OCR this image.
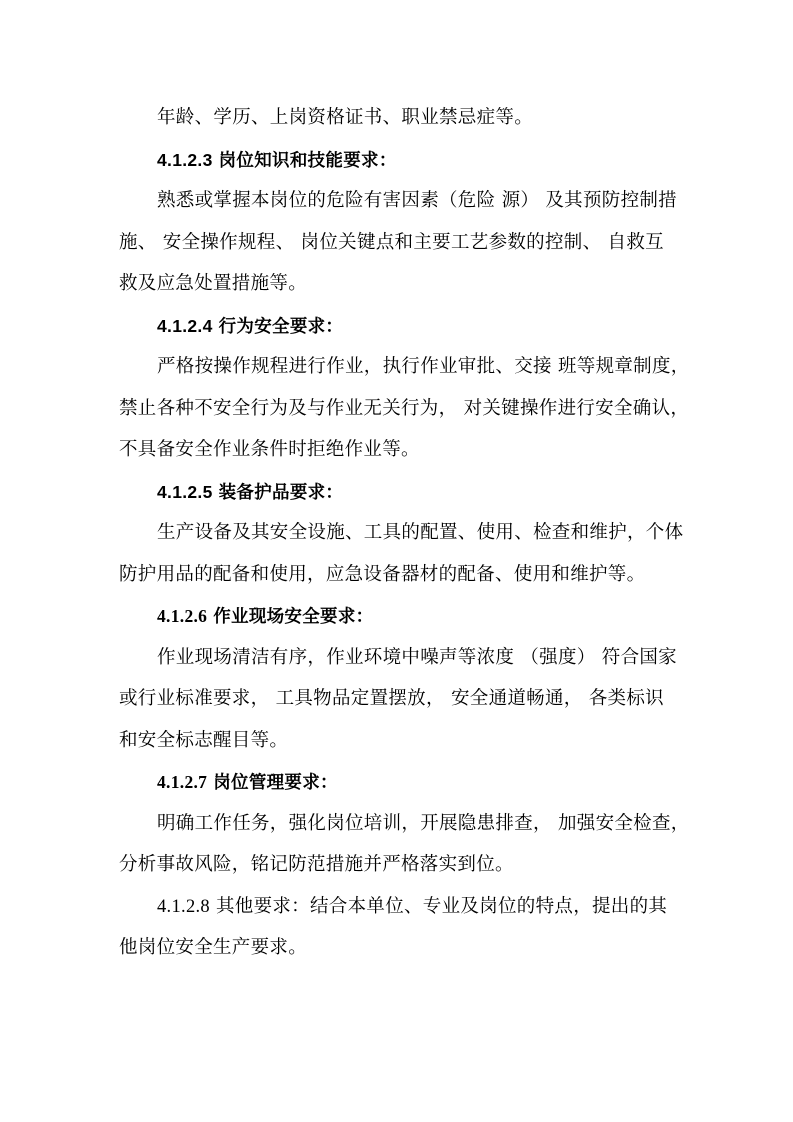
年龄、学历、上岗资格证书、职业禁忌症等。
4.1.2.3 岗位知识和技能要求：
熟悉或掌握本岗位的危险有害因素（危险 源） 及其预防控制措
施、 安全操作规程、 岗位关键点和主要工艺参数的控制、 自救互
救及应急处置措施等。
4.1.2.4 行为安全要求：
严格按操作规程进行作业，执行作业审批、交接 班等规章制度，
禁止各种不安全行为及与作业无关行为， 对关键操作进行安全确认，
不具备安全作业条件时拒绝作业等。
4.1.2.5 装备护品要求：
生产设备及其安全设施、工具的配置、使用、检查和维护，个体
防护用品的配备和使用，应急设备器材的配备、使用和维护等。
4.1.2.6 作业现场安全要求：
作业现场清洁有序，作业环境中噪声等浓度 （强度） 符合国家
或行业标准要求， 工具物品定置摆放， 安全通道畅通， 各类标识
和安全标志醒目等。
4.1.2.7 岗位管理要求：
明确工作任务，强化岗位培训，开展隐患排查， 加强安全检查，
分析事故风险，铭记防范措施并严格落实到位。
4.1.2.8 其他要求：结合本单位、专业及岗位的特点，提出的其
他岗位安全生产要求。
